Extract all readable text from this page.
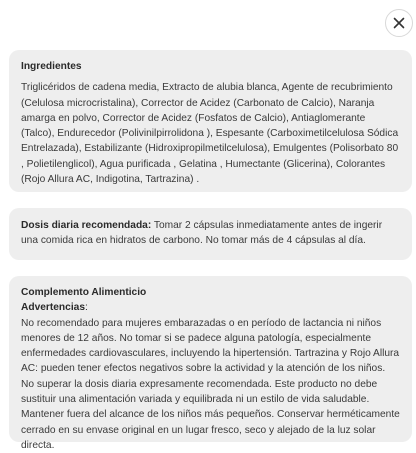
Ingredientes
Triglicéridos de cadena media, Extracto de alubia blanca, Agente de recubrimiento (Celulosa microcristalina), Corrector de Acidez (Carbonato de Calcio), Naranja amarga en polvo, Corrector de Acidez (Fosfatos de Calcio), Antiaglomerante (Talco), Endurecedor (Polivinilpirrolidona ), Espesante (Carboximetilcelulosa Sódica Entrelazada), Estabilizante (Hidroxipropilmetilcelulosa), Emulgentes (Polisorbato 80 , Polietilenglicol), Agua purificada , Gelatina , Humectante (Glicerina), Colorantes (Rojo Allura AC, Indigotina, Tartrazina) .
Dosis diaria recomendada: Tomar 2 cápsulas inmediatamente antes de ingerir una comida rica en hidratos de carbono. No tomar más de 4 cápsulas al día.
Complemento Alimenticio
Advertencias:
No recomendado para mujeres embarazadas o en período de lactancia ni niños menores de 12 años. No tomar si se padece alguna patología, especialmente enfermedades cardiovasculares, incluyendo la hipertensión. Tartrazina y Rojo Allura AC: pueden tener efectos negativos sobre la actividad y la atención de los niños. No superar la dosis diaria expresamente recomendada. Este producto no debe sustituir una alimentación variada y equilibrada ni un estilo de vida saludable. Mantener fuera del alcance de los niños más pequeños. Conservar herméticamente cerrado en su envase original en un lugar fresco, seco y alejado de la luz solar directa.
